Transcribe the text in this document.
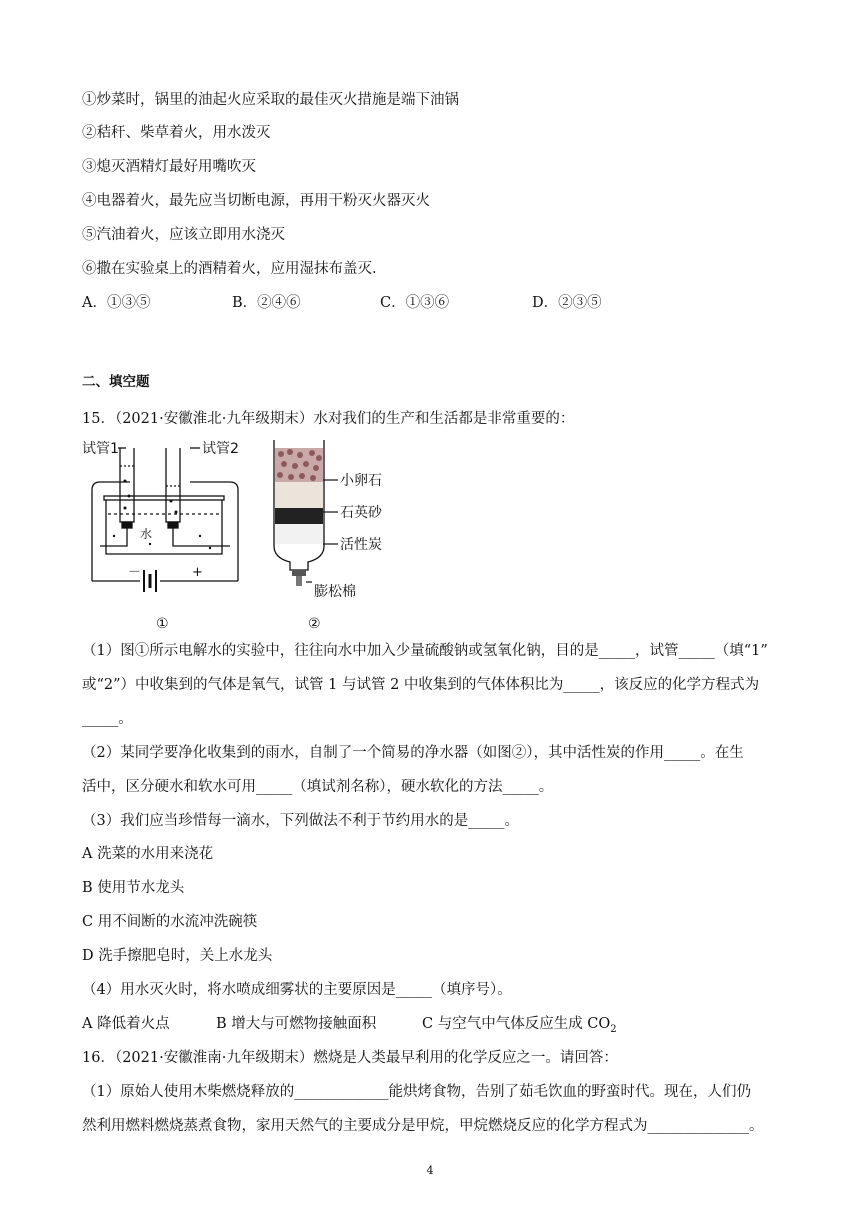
①炒菜时，锅里的油起火应采取的最佳灭火措施是端下油锅
②秸秆、柴草着火，用水泼灭
③熄灭酒精灯最好用嘴吹灭
④电器着火，最先应当切断电源，再用干粉灭火器灭火
⑤汽油着火，应该立即用水浇灭
⑥撒在实验桌上的酒精着火，应用湿抹布盖灭.
A．①③⑤	B．②④⑥	C．①③⑥	D．②③⑤
二、填空题
15．（2021·安徽淮北·九年级期末）水对我们的生产和生活都是非常重要的：
试管1	试管2
水
－	+
①
小卵石
石英砂
活性炭
膨松棉
②
（1）图①所示电解水的实验中，往往向水中加入少量硫酸钠或氢氧化钠，目的是_____，试管_____（填“1”
或“2”）中收集到的气体是氧气，试管 1 与试管 2 中收集到的气体体积比为_____，该反应的化学方程式为
_____。
（2）某同学要净化收集到的雨水，自制了一个简易的净水器（如图②），其中活性炭的作用_____。在生
活中，区分硬水和软水可用_____（填试剂名称），硬水软化的方法_____。
（3）我们应当珍惜每一滴水，下列做法不利于节约用水的是_____。
A 洗菜的水用来浇花
B 使用节水龙头
C 用不间断的水流冲洗碗筷
D 洗手擦肥皂时，关上水龙头
（4）用水灭火时，将水喷成细雾状的主要原因是_____（填序号）。
A 降低着火点	B 增大与可燃物接触面积	C 与空气中气体反应生成 $CO_2$
16．（2021·安徽淮南·九年级期末）燃烧是人类最早利用的化学反应之一。请回答：
（1）原始人使用木柴燃烧释放的_____________能烘烤食物，告别了茹毛饮血的野蛮时代。现在，人们仍
然利用燃料燃烧蒸煮食物，家用天然气的主要成分是甲烷，甲烷燃烧反应的化学方程式为______________。
4
